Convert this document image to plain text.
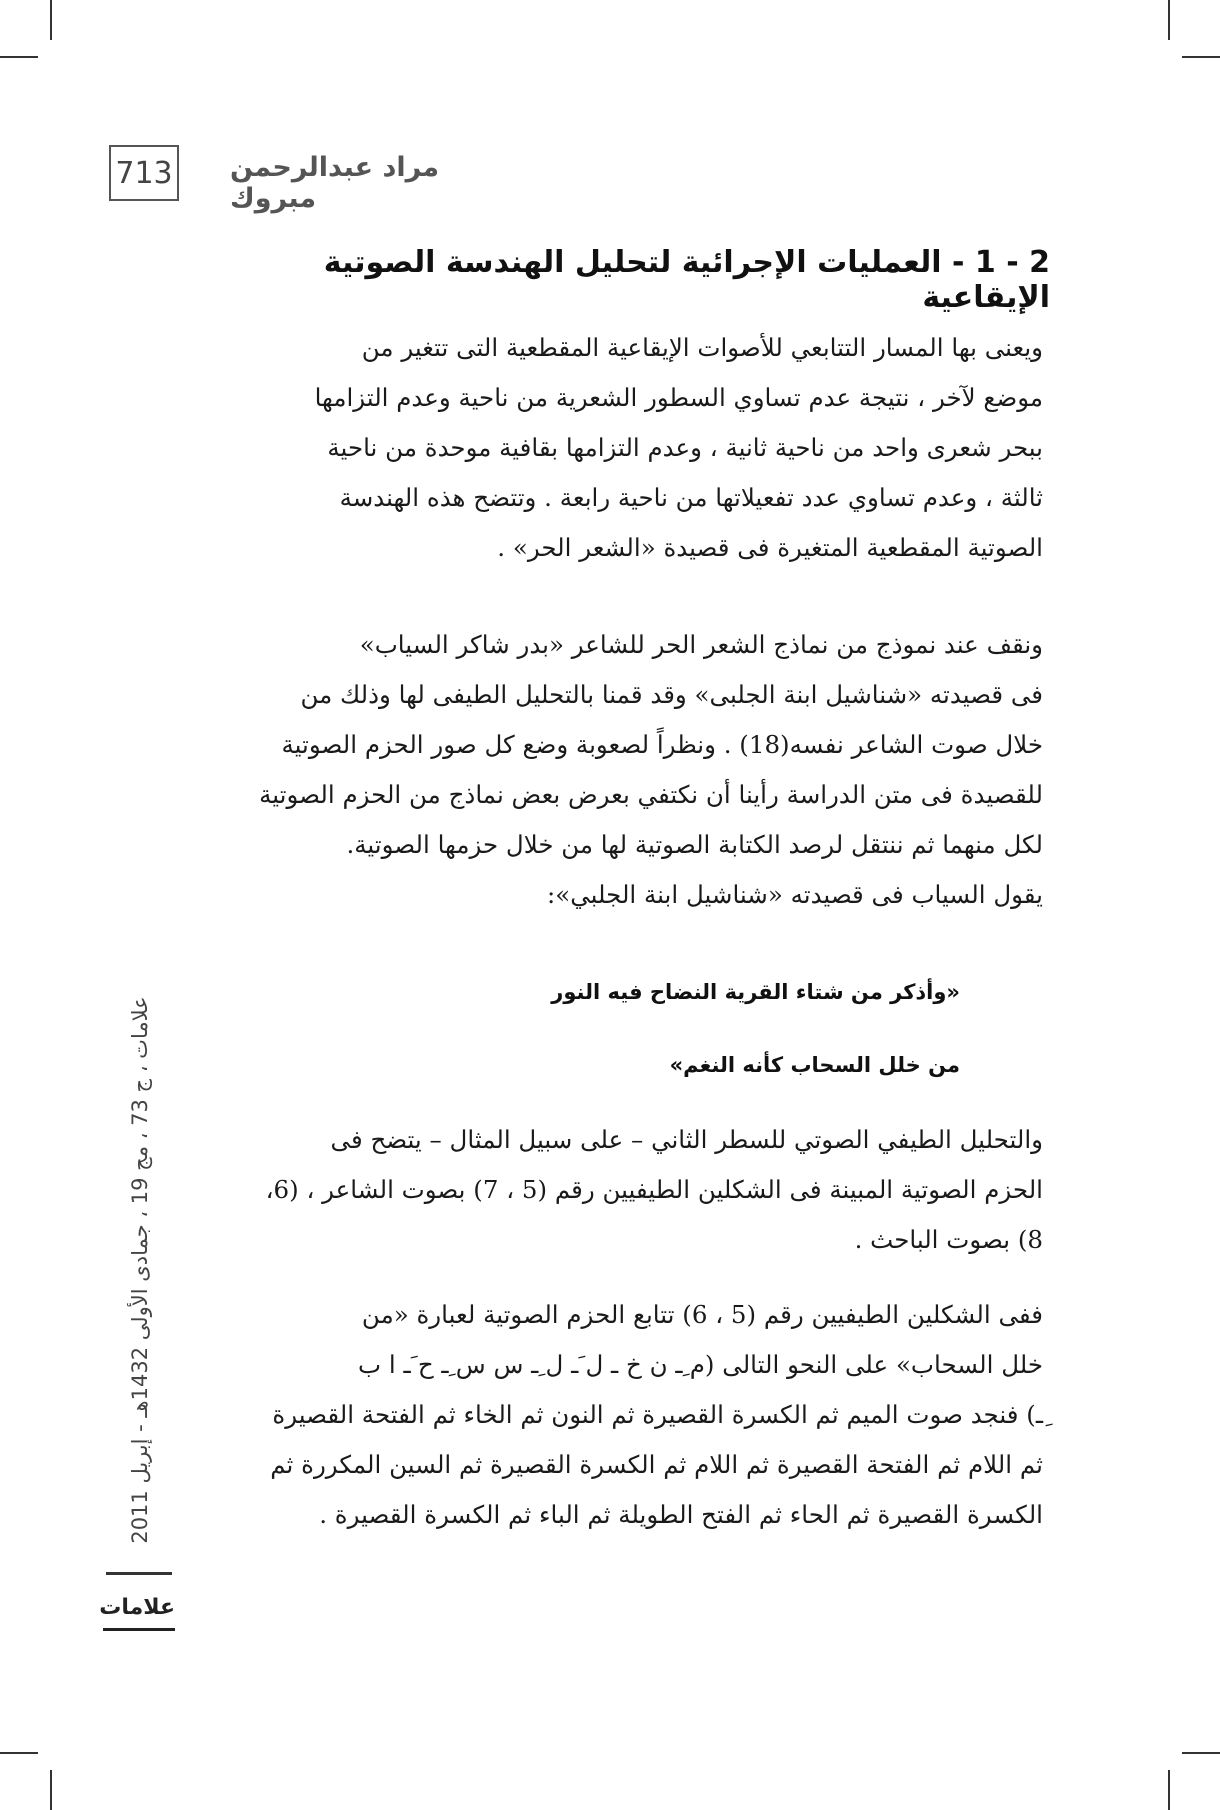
713 مراد عبدالرحمن مبروك
2 - 1 - العمليات الإجرائية لتحليل الهندسة الصوتية الإيقاعية

ويعنى بها المسار التتابعي للأصوات الإيقاعية المقطعية التى تتغير من
موضع لآخر ، نتيجة عدم تساوي السطور الشعرية من ناحية وعدم التزامها
ببحر شعرى واحد من ناحية ثانية ، وعدم التزامها بقافية موحدة من ناحية
ثالثة ، وعدم تساوي عدد تفعيلاتها من ناحية رابعة . وتتضح هذه الهندسة
الصوتية المقطعية المتغيرة فى قصيدة «الشعر الحر» .

ونقف عند نموذج من نماذج الشعر الحر للشاعر «بدر شاكر السياب»
فى قصيدته «شناشيل ابنة الجلبى» وقد قمنا بالتحليل الطيفى لها وذلك من
خلال صوت الشاعر نفسه(18) . ونظراً لصعوبة وضع كل صور الحزم الصوتية
للقصيدة فى متن الدراسة رأينا أن نكتفي بعرض بعض نماذج من الحزم الصوتية
لكل منهما ثم ننتقل لرصد الكتابة الصوتية لها من خلال حزمها الصوتية.
يقول السياب فى قصيدته «شناشيل ابنة الجلبي»:

«وأذكر من شتاء القرية النضاح فيه النور

من خلل السحاب كأنه النغم»

والتحليل الطيفي الصوتي للسطر الثاني – على سبيل المثال – يتضح فى
الحزم الصوتية المبينة فى الشكلين الطيفيين رقم (5 ، 7) بصوت الشاعر ، (6،
8) بصوت الباحث .

ففى الشكلين الطيفيين رقم (5 ، 6) تتابع الحزم الصوتية لعبارة «من
خلل السحاب» على النحو التالى (م ِـ ن خ ـ ل َـ ل ِـ س س ِـ ح َـ ا ب
ِـ) فنجد صوت الميم ثم الكسرة القصيرة ثم النون ثم الخاء ثم الفتحة القصيرة
ثم اللام ثم الفتحة القصيرة ثم اللام ثم الكسرة القصيرة ثم السين المكررة ثم
الكسرة القصيرة ثم الحاء ثم الفتح الطويلة ثم الباء ثم الكسرة القصيرة .

علامات ، ج 73 ، مج 19 ، جمادى الأولى 1432هـ - إبريل 2011
علامات
